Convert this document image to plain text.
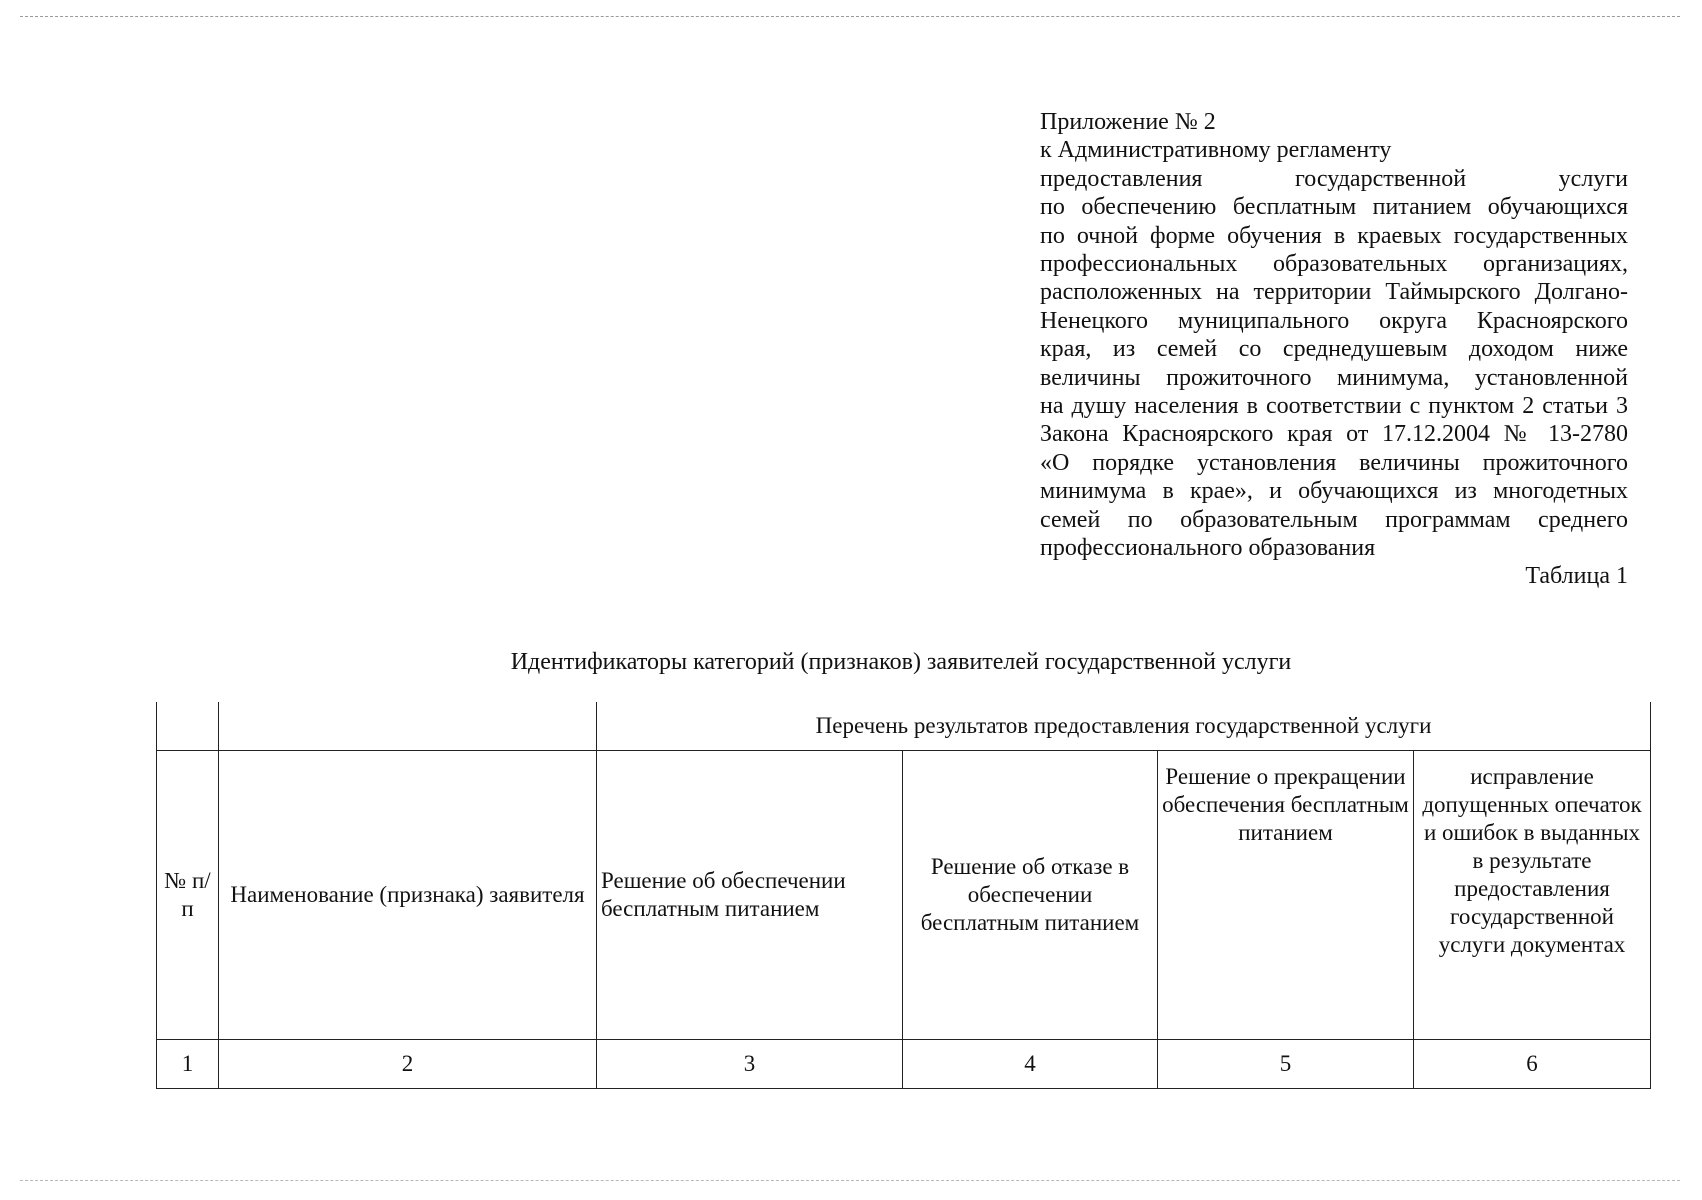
Приложение № 2
к Административному регламенту
предоставления государственной услуги
по обеспечению бесплатным питанием обучающихся
по очной форме обучения в краевых государственных
профессиональных образовательных организациях,
расположенных на территории Таймырского Долгано-
Ненецкого муниципального округа Красноярского
края, из семей со среднедушевым доходом ниже
величины прожиточного минимума, установленной
на душу населения в соответствии с пунктом 2 статьи 3
Закона Красноярского края от 17.12.2004 № 13-2780
«О порядке установления величины прожиточного
минимума в крае», и обучающихся из многодетных
семей по образовательным программам среднего
профессионального образования
Таблица 1
Идентификаторы категорий (признаков) заявителей государственной услуги
		Перечень результатов предоставления государственной услуги			
№ п/п	Наименование (признака) заявителя	Решение об обеспечении бесплатным питанием	Решение об отказе в обеспечении бесплатным питанием	Решение о прекращении обеспечения бесплатным питанием	исправление допущенных опечаток и ошибок в выданных в результате предоставления государственной услуги документах
1	2	3	4	5	6
